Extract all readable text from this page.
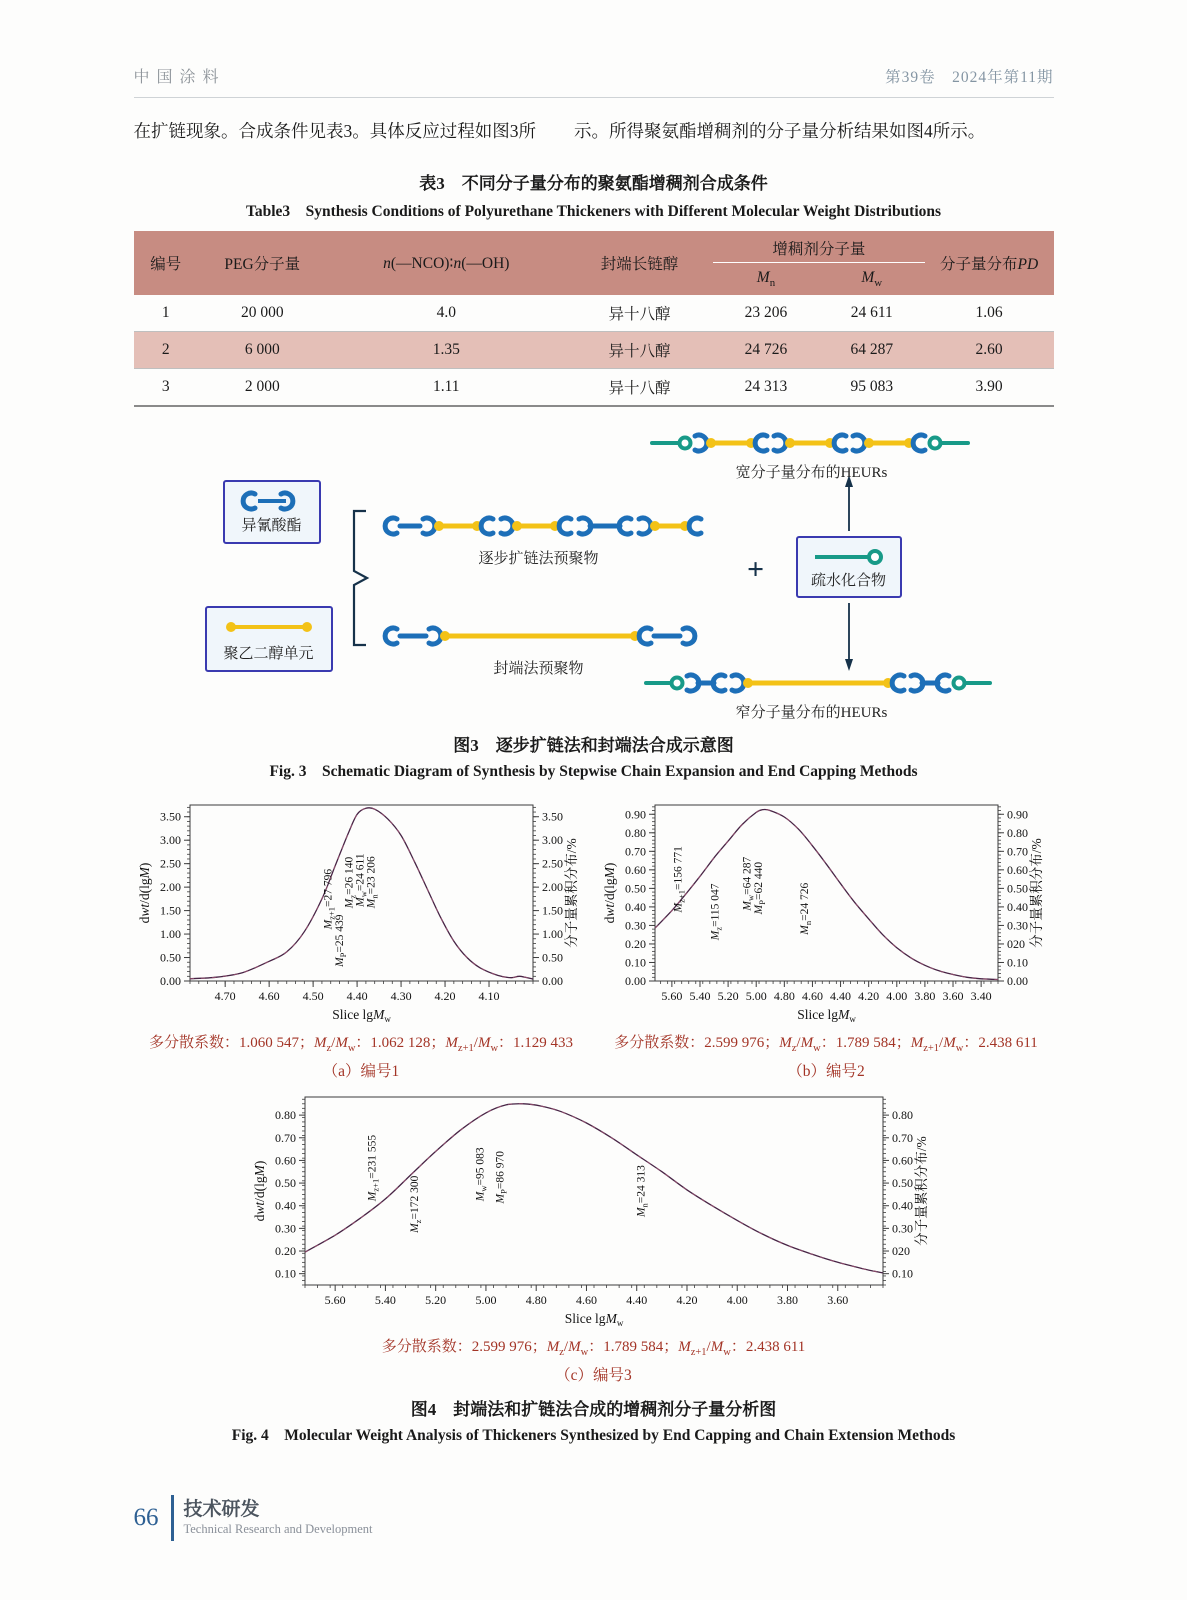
中国涂料	第39卷　2024年第11期
在扩链现象。合成条件见表3。具体反应过程如图3所 示。所得聚氨酯增稠剂的分子量分析结果如图4所示。
表3　不同分子量分布的聚氨酯增稠剂合成条件
Table3　Synthesis Conditions of Polyurethane Thickeners with Different Molecular Weight Distributions
编号	PEG分子量	n(—NCO)∶n(—OH)	封端长链醇	增稠剂分子量		分子量分布PD
				$M_n$	$M_w$
1	20 000	4.0	异十八醇	23 206	24 611	1.06
2	6 000	1.35	异十八醇	24 726	64 287	2.60
3	2 000	1.11	异十八醇	24 313	95 083	3.90
异氰酸酯
聚乙二醇单元
逐步扩链法预聚物
封端法预聚物
宽分子量分布的HEURs
疏水化合物
窄分子量分布的HEURs
+
图3　逐步扩链法和封端法合成示意图
Fig. 3　Schematic Diagram of Synthesis by Stepwise Chain Expansion and End Capping Methods
4.70 4.60 4.50 4.40 4.30 4.20 4.10
0.00	0.00
0.50	0.50
1.00	1.00
1.50	1.50
2.00	2.00
2.50	2.50
3.00	3.00
3.50	3.50
$M_{z+1}=27$ 796
$M_P=25$ 439
$M_z=26$ 140
$M_w=24$ 611
$M_n=23$ 206
dwt/d(lgM)	分子量累积分布/%
Slice lgM$_w$
多分散系数：1.060 547；$M_z/M_w$：1.062 128；$M_{z+1}/M_w$：1.129 433
（a）编号1
5.60 5.40 5.20 5.00 4.80 4.60 4.40 4.20 4.00 3.80 3.60 3.40
0.00	0.00
0.10	0.10
0.20	020
0.30	0.30
0.40	0.40
0.50	0.50
0.60	0.60
0.70	0.70
0.80	0.80
0.90	0.90
$M_{z+1}=156$ 771
$M_z=115$ 047 $M_w=64$ 287
$M_P=62$ 440
$M_n=24$ 726
dwt/d(lgM)	分子量累积分布/%
Slice lgM$_w$
多分散系数：2.599 976；$M_z/M_w$：1.789 584；$M_{z+1}/M_w$：2.438 611
（b）编号2
5.60 5.40 5.20 5.00 4.80 4.60 4.40 4.20 4.00 3.80 3.60
0.10	0.10
0.20	020
0.30	0.30
0.40	0.40
0.50	0.50
0.60	0.60
0.70	0.70
0.80	0.80
$M_{z+1}=231$ 555
$M_z=172$ 300	$M_w=95$ 083
$M_P=86$ 970
$M_n=24$ 313
dwt/d(lgM)	分子量累积分布/%
Slice lgM$_w$
多分散系数：2.599 976；$M_z/M_w$：1.789 584；$M_{z+1}/M_w$：2.438 611
（c）编号3
图4　封端法和扩链法合成的增稠剂分子量分析图
Fig. 4　Molecular Weight Analysis of Thickeners Synthesized by End Capping and Chain Extension Methods
66 技术研发
Technical Research and Development
